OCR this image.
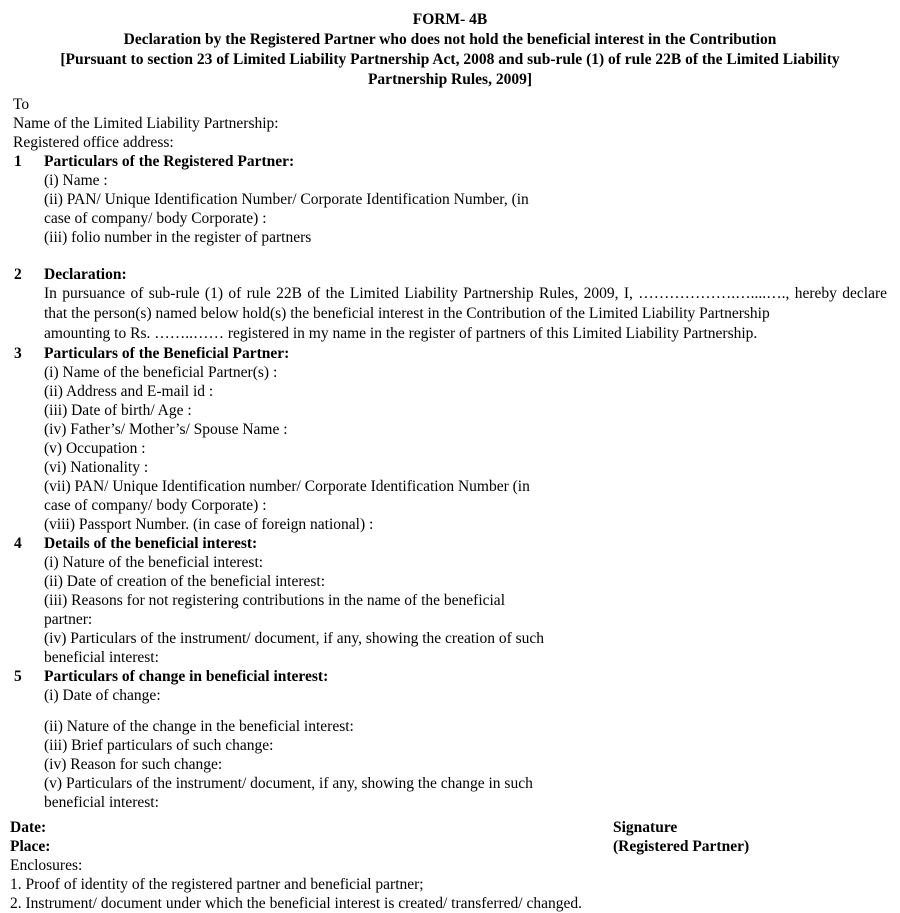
FORM- 4B
Declaration by the Registered Partner who does not hold the beneficial interest in the Contribution
[Pursuant to section 23 of Limited Liability Partnership Act, 2008 and sub-rule (1) of rule 22B of the Limited Liability Partnership Rules, 2009]
To
Name of the Limited Liability Partnership:
Registered office address:
1 Particulars of the Registered Partner:
(i) Name :
(ii) PAN/ Unique Identification Number/ Corporate Identification Number, (in
case of company/ body Corporate) :
(iii) folio number in the register of partners
2 Declaration:
In pursuance of sub-rule (1) of rule 22B of the Limited Liability Partnership Rules, 2009, I, ……………….…....…., hereby declare that the person(s) named below hold(s) the beneficial interest in the Contribution of the Limited Liability Partnership
amounting to Rs. ……..…… registered in my name in the register of partners of this Limited Liability Partnership.
3 Particulars of the Beneficial Partner:
(i) Name of the beneficial Partner(s) :
(ii) Address and E-mail id :
(iii) Date of birth/ Age :
(iv) Father’s/ Mother’s/ Spouse Name :
(v) Occupation :
(vi) Nationality :
(vii) PAN/ Unique Identification number/ Corporate Identification Number (in
case of company/ body Corporate) :
(viii) Passport Number. (in case of foreign national) :
4 Details of the beneficial interest:
(i) Nature of the beneficial interest:
(ii) Date of creation of the beneficial interest:
(iii) Reasons for not registering contributions in the name of the beneficial
partner:
(iv) Particulars of the instrument/ document, if any, showing the creation of such
beneficial interest:
5 Particulars of change in beneficial interest:
(i) Date of change:
(ii) Nature of the change in the beneficial interest:
(iii) Brief particulars of such change:
(iv) Reason for such change:
(v) Particulars of the instrument/ document, if any, showing the change in such
beneficial interest:
Date:	Signature
Place:	(Registered Partner)
Enclosures:
1. Proof of identity of the registered partner and beneficial partner;
2. Instrument/ document under which the beneficial interest is created/ transferred/ changed.
